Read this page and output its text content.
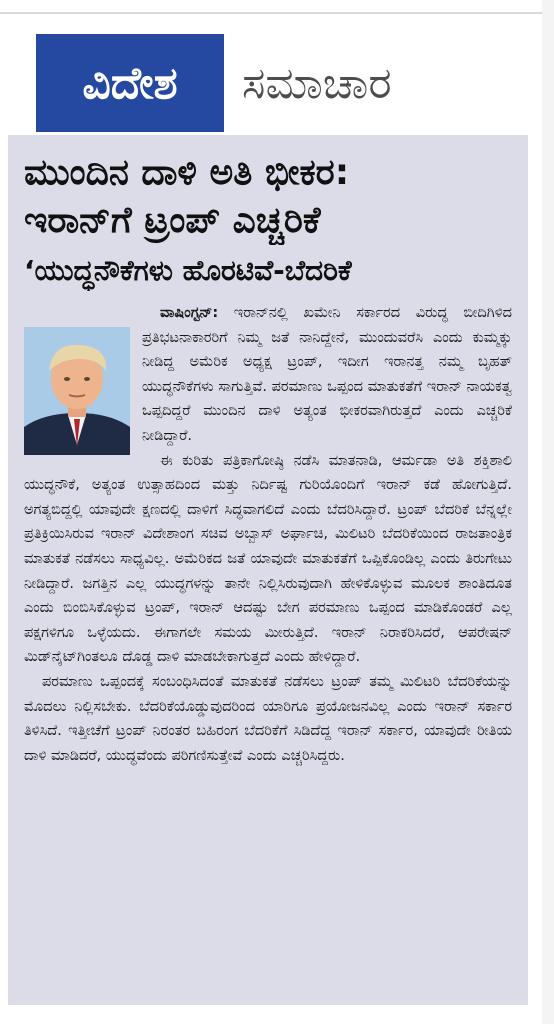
ವಿದೇಶ	ಸಮಾಚಾರ
ಮುಂದಿನ ದಾಳಿ ಅತಿ ಭೀಕರ:
ಇರಾನ್‌ಗೆ ಟ್ರಂಪ್ ಎಚ್ಚರಿಕೆ
‘ಯುದ್ಧನೌಕೆಗಳು ಹೊರಟಿವೆ-ಬೆದರಿಕೆ

ವಾಷಿಂಗ್ಟನ್: ಇರಾನ್‌ನಲ್ಲಿ ಖಮೇನಿ ಸರ್ಕಾರದ ವಿರುದ್ಧ ಬೀದಿಗಿಳಿದ ಪ್ರತಿಭಟನಾಕಾರರಿಗೆ ನಿಮ್ಮ ಜತೆ ನಾನಿದ್ದೇನೆ, ಮುಂದುವರೆಸಿ ಎಂದು ಕುಮ್ಮಕ್ಕು ನೀಡಿದ್ದ ಅಮೆರಿಕ ಅಧ್ಯಕ್ಷ ಟ್ರಂಪ್, ಇದೀಗ ಇರಾನತ್ತ ನಮ್ಮ ಬೃಹತ್ ಯುದ್ಧನೌಕೆಗಳು ಸಾಗುತ್ತಿವೆ. ಪರಮಾಣು ಒಪ್ಪಂದ ಮಾತುಕತೆಗೆ ಇರಾನ್ ನಾಯಕತ್ವ ಒಪ್ಪದಿದ್ದರೆ ಮುಂದಿನ ದಾಳಿ ಅತ್ಯಂತ ಭೀಕರವಾಗಿರುತ್ತದೆ ಎಂದು ಎಚ್ಚರಿಕೆ ನೀಡಿದ್ದಾರೆ.

ಈ ಕುರಿತು ಪತ್ರಿಕಾಗೋಷ್ಠಿ ನಡೆಸಿ ಮಾತನಾಡಿ, ಆರ್ಮಡಾ ಅತಿ ಶಕ್ತಿಶಾಲಿ ಯುದ್ಧನೌಕೆ, ಅತ್ಯಂತ ಉತ್ಸಾಹದಿಂದ ಮತ್ತು ನಿರ್ದಿಷ್ಟ ಗುರಿಯೊಂದಿಗೆ ಇರಾನ್ ಕಡೆ ಹೋಗುತ್ತಿದೆ. ಅಗತ್ಯಬಿದ್ದಲ್ಲಿ ಯಾವುದೇ ಕ್ಷಣದಲ್ಲಿ ದಾಳಿಗೆ ಸಿದ್ಧವಾಗಲಿದೆ ಎಂದು ಬೆದರಿಸಿದ್ದಾರೆ. ಟ್ರಂಪ್ ಬೆದರಿಕೆ ಬೆನ್ನಲ್ಲೇ ಪ್ರತಿಕ್ರಿಯಿಸಿರುವ ಇರಾನ್ ವಿದೇಶಾಂಗ ಸಚಿವ ಅಬ್ಬಾಸ್ ಅರ್ಘಾಚಿ, ಮಿಲಿಟರಿ ಬೆದರಿಕೆಯಿಂದ ರಾಜತಾಂತ್ರಿಕ ಮಾತುಕತೆ ನಡೆಸಲು ಸಾಧ್ಯವಿಲ್ಲ. ಅಮೆರಿಕದ ಜತೆ ಯಾವುದೇ ಮಾತುಕತೆಗೆ ಒಪ್ಪಿಕೊಂಡಿಲ್ಲ ಎಂದು ತಿರುಗೇಟು ನೀಡಿದ್ದಾರೆ. ಜಗತ್ತಿನ ಎಲ್ಲ ಯುದ್ಧಗಳನ್ನು ತಾನೇ ನಿಲ್ಲಿಸಿರುವುದಾಗಿ ಹೇಳಿಕೊಳ್ಳುವ ಮೂಲಕ ಶಾಂತಿದೂತ ಎಂದು ಬಿಂಬಿಸಿಕೊಳ್ಳುವ ಟ್ರಂಪ್, ಇರಾನ್ ಆದಷ್ಟು ಬೇಗ ಪರಮಾಣು ಒಪ್ಪಂದ ಮಾಡಿಕೊಂಡರೆ ಎಲ್ಲ ಪಕ್ಷಗಳಿಗೂ ಒಳ್ಳೆಯದು. ಈಗಾಗಲೇ ಸಮಯ ಮೀರುತ್ತಿದೆ. ಇರಾನ್ ನಿರಾಕರಿಸಿದರೆ, ಆಪರೇಷನ್ ಮಿಡ್‌ನೈಟ್‌ಗಿಂತಲೂ ದೊಡ್ಡ ದಾಳಿ ಮಾಡಬೇಕಾಗುತ್ತದೆ ಎಂದು ಹೇಳಿದ್ದಾರೆ.

ಪರಮಾಣು ಒಪ್ಪಂದಕ್ಕೆ ಸಂಬಂಧಿಸಿದಂತೆ ಮಾತುಕತೆ ನಡೆಸಲು ಟ್ರಂಪ್ ತಮ್ಮ ಮಿಲಿಟರಿ ಬೆದರಿಕೆಯನ್ನು ಮೊದಲು ನಿಲ್ಲಿಸಬೇಕು. ಬೆದರಿಕೆಯೊಡ್ಡುವುದರಿಂದ ಯಾರಿಗೂ ಪ್ರಯೋಜನವಿಲ್ಲ ಎಂದು ಇರಾನ್ ಸರ್ಕಾರ ತಿಳಿಸಿದೆ. ಇತ್ತೀಚೆಗೆ ಟ್ರಂಪ್ ನಿರಂತರ ಬಹಿರಂಗ ಬೆದರಿಕೆಗೆ ಸಿಡಿದೆದ್ದ ಇರಾನ್ ಸರ್ಕಾರ, ಯಾವುದೇ ರೀತಿಯ ದಾಳಿ ಮಾಡಿದರೆ, ಯುದ್ಧವೆಂದು ಪರಿಗಣಿಸುತ್ತೇವೆ ಎಂದು ಎಚ್ಚರಿಸಿದ್ದರು.
